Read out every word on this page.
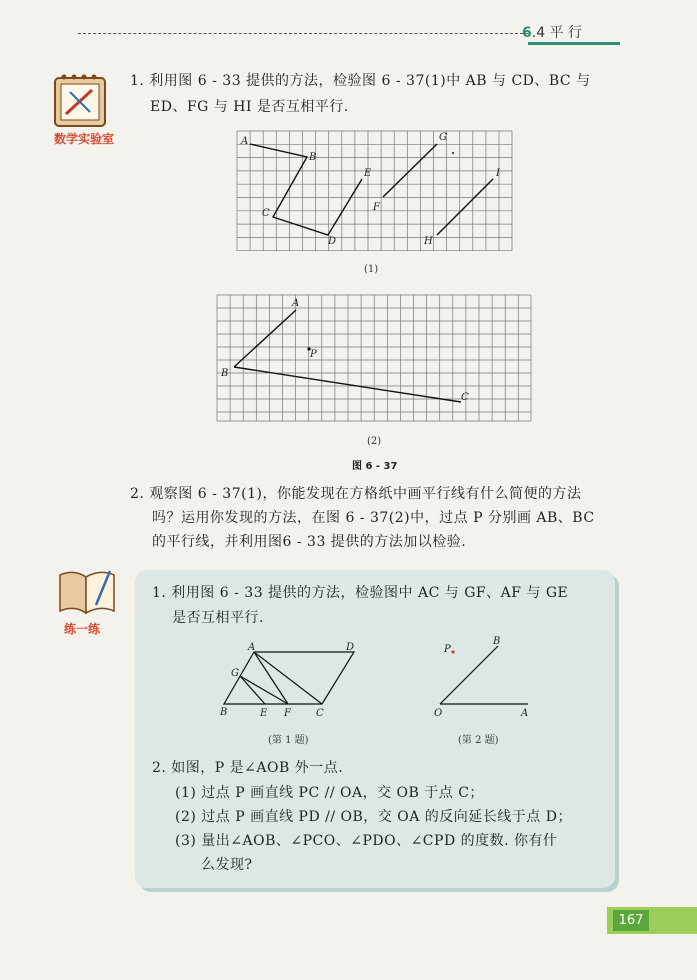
6.4 平 行
数学实验室
1. 利用图 6 - 33 提供的方法，检验图 6 - 37(1)中 AB 与 CD、BC 与
ED、FG 与 HI 是否互相平行.
A
B
C
D
E
F
G
H
I
(1)
A
B
P
C
(2)
图 6 - 37
2. 观察图 6 - 37(1)，你能发现在方格纸中画平行线有什么简便的方法
吗？运用你发现的方法，在图 6 - 37(2)中，过点 P 分别画 AB、BC
的平行线，并利用图6 - 33 提供的方法加以检验.
练一练
1. 利用图 6 - 33 提供的方法，检验图中 AC 与 GF、AF 与 GE
是否互相平行.
A	D
G
B	E F	C
(第 1 题)
P
B
O	A
(第 2 题)
2. 如图，P 是∠AOB 外一点.
(1) 过点 P 画直线 PC // OA，交 OB 于点 C；
(2) 过点 P 画直线 PD // OB，交 OA 的反向延长线于点 D；
(3) 量出∠AOB、∠PCO、∠PDO、∠CPD 的度数. 你有什
么发现?
167
